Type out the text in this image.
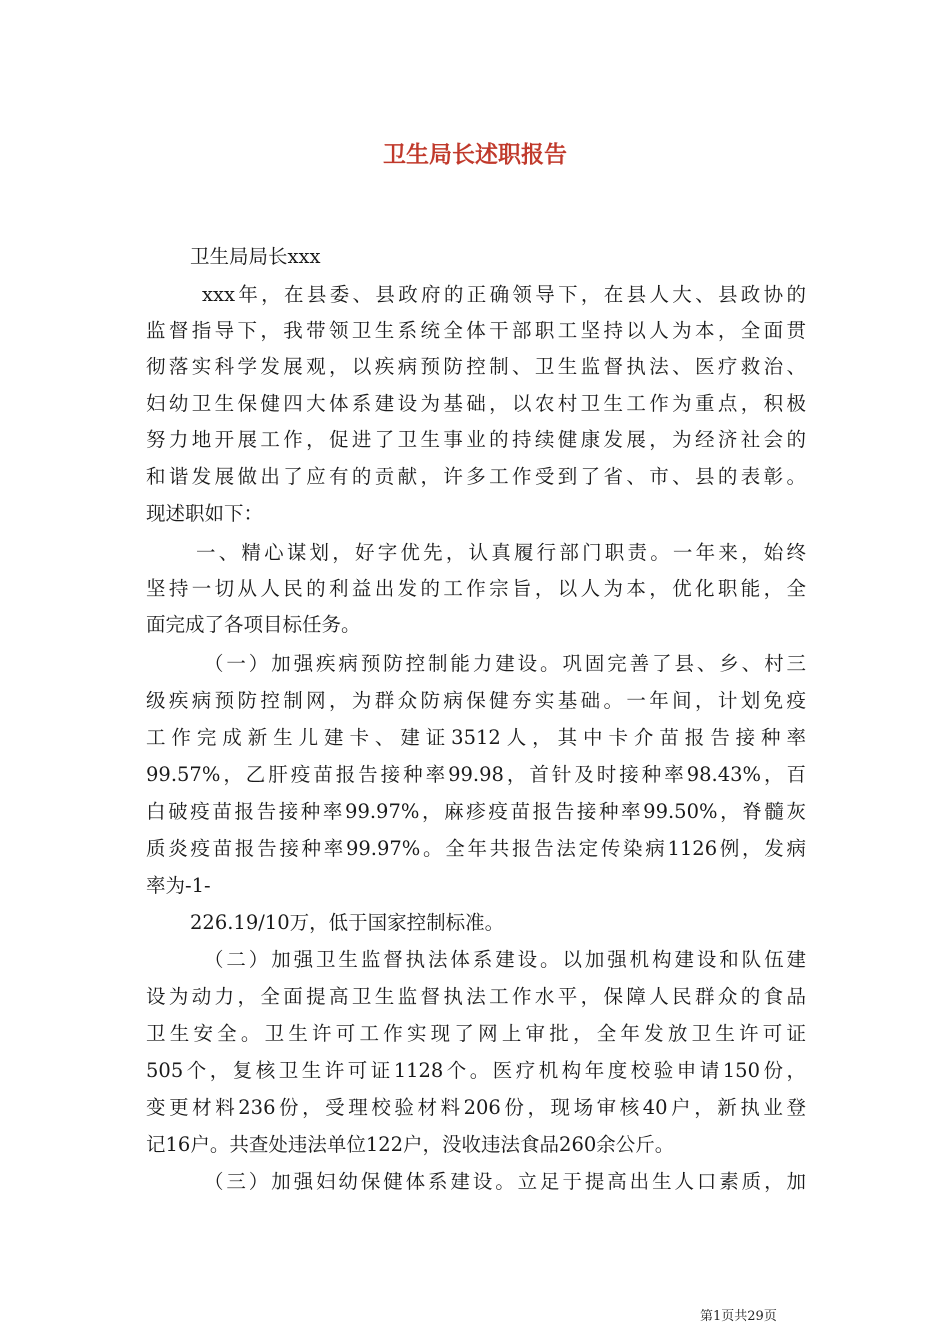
卫生局长述职报告
卫生局局长xxx
xxx年，在县委、县政府的正确领导下，在县人大、县政协的
监督指导下，我带领卫生系统全体干部职工坚持以人为本，全面贯
彻落实科学发展观，以疾病预防控制、卫生监督执法、医疗救治、
妇幼卫生保健四大体系建设为基础，以农村卫生工作为重点，积极
努力地开展工作，促进了卫生事业的持续健康发展，为经济社会的
和谐发展做出了应有的贡献，许多工作受到了省、市、县的表彰。
现述职如下：
一、精心谋划，好字优先，认真履行部门职责。一年来，始终
坚持一切从人民的利益出发的工作宗旨，以人为本，优化职能，全
面完成了各项目标任务。
（一）加强疾病预防控制能力建设。巩固完善了县、乡、村三
级疾病预防控制网，为群众防病保健夯实基础。一年间，计划免疫
工作完成新生儿建卡、建证3512人，其中卡介苗报告接种率
99.57%，乙肝疫苗报告接种率99.98，首针及时接种率98.43%，百
白破疫苗报告接种率99.97%，麻疹疫苗报告接种率99.50%，脊髓灰
质炎疫苗报告接种率99.97%。全年共报告法定传染病1126例，发病
率为-1-
226.19/10万，低于国家控制标准。
（二）加强卫生监督执法体系建设。以加强机构建设和队伍建
设为动力，全面提高卫生监督执法工作水平，保障人民群众的食品
卫生安全。卫生许可工作实现了网上审批，全年发放卫生许可证
505个，复核卫生许可证1128个。医疗机构年度校验申请150份，
变更材料236份，受理校验材料206份，现场审核40户，新执业登
记16户。共查处违法单位122户，没收违法食品260余公斤。
（三）加强妇幼保健体系建设。立足于提高出生人口素质，加
第1页共29页
